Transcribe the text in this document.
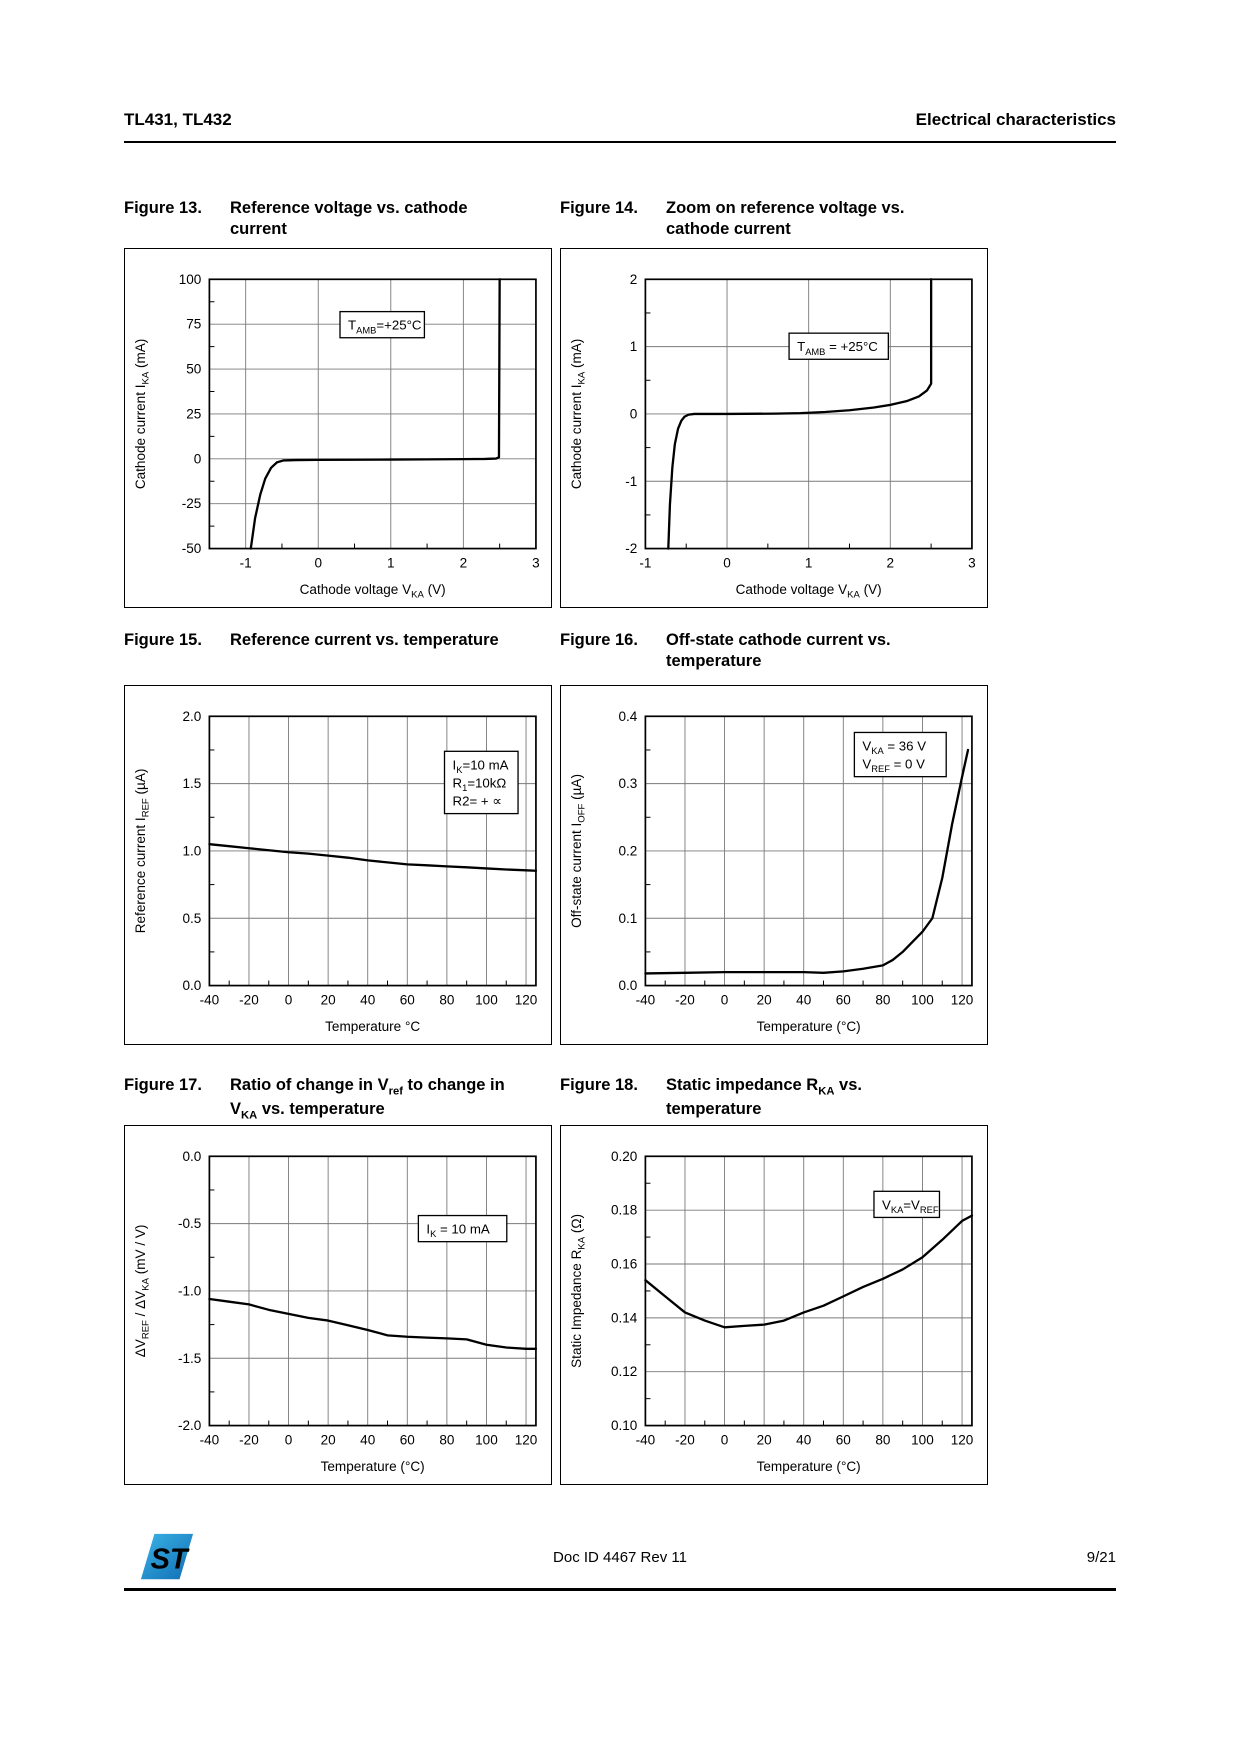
TL431, TL432	Electrical characteristics
Figure 13.	Reference voltage vs. cathode
current
$T_{AMB}=+25^\circ C$
-1	0	1	2	3
100
75
50
25
0
-25
-50
Cathode voltage $V_{KA}$ (V)
Cathode current $I_{KA}$ (mA)
Figure 14.	Zoom on reference voltage vs.
cathode current
$T_{AMB} = +25^\circ C$
-1	0	1	2	3
2
1
0
-1
-2
Cathode voltage $V_{KA}$ (V)
Cathode current $I_{KA}$ (mA)
Figure 15.	Reference current vs. temperature
$I_K=10$ mA
$R_1=10k\Omega$
R2= + ∝
-40 -20 0 20 40 60 80 100 120
2.0
1.5
1.0
0.5
0.0
Temperature °C
Reference current $I_{REF}$ (µA)
Figure 16.	Off-state cathode current vs.
temperature
$V_{KA} = 36$ V
$V_{REF} = 0$ V
-40 -20 0 20 40 60 80 100 120
0.4
0.3
0.2
0.1
0.0
Temperature (°C)
Off-state current $I_{OFF}$ (µA)
Figure 17.	Ratio of change in $V_{ref}$ to change in
$V_{KA}$ vs. temperature
$I_K = 10$ mA
-40 -20 0 20 40 60 80 100 120
0.0
-0.5
-1.0
-1.5
-2.0
Temperature (°C)
$\Delta V_{REF} / \Delta V_{KA}$ (mV / V)
Figure 18.	Static impedance $R_{KA}$ vs.
temperature
$V_{KA}=V_{REF}$
-40 -20 0 20 40 60 80 100 120
0.20
0.18
0.16
0.14
0.12
0.10
Temperature (°C)
Static Impedance $R_{KA}$ (Ω)
ST	Doc ID 4467 Rev 11	9/21
